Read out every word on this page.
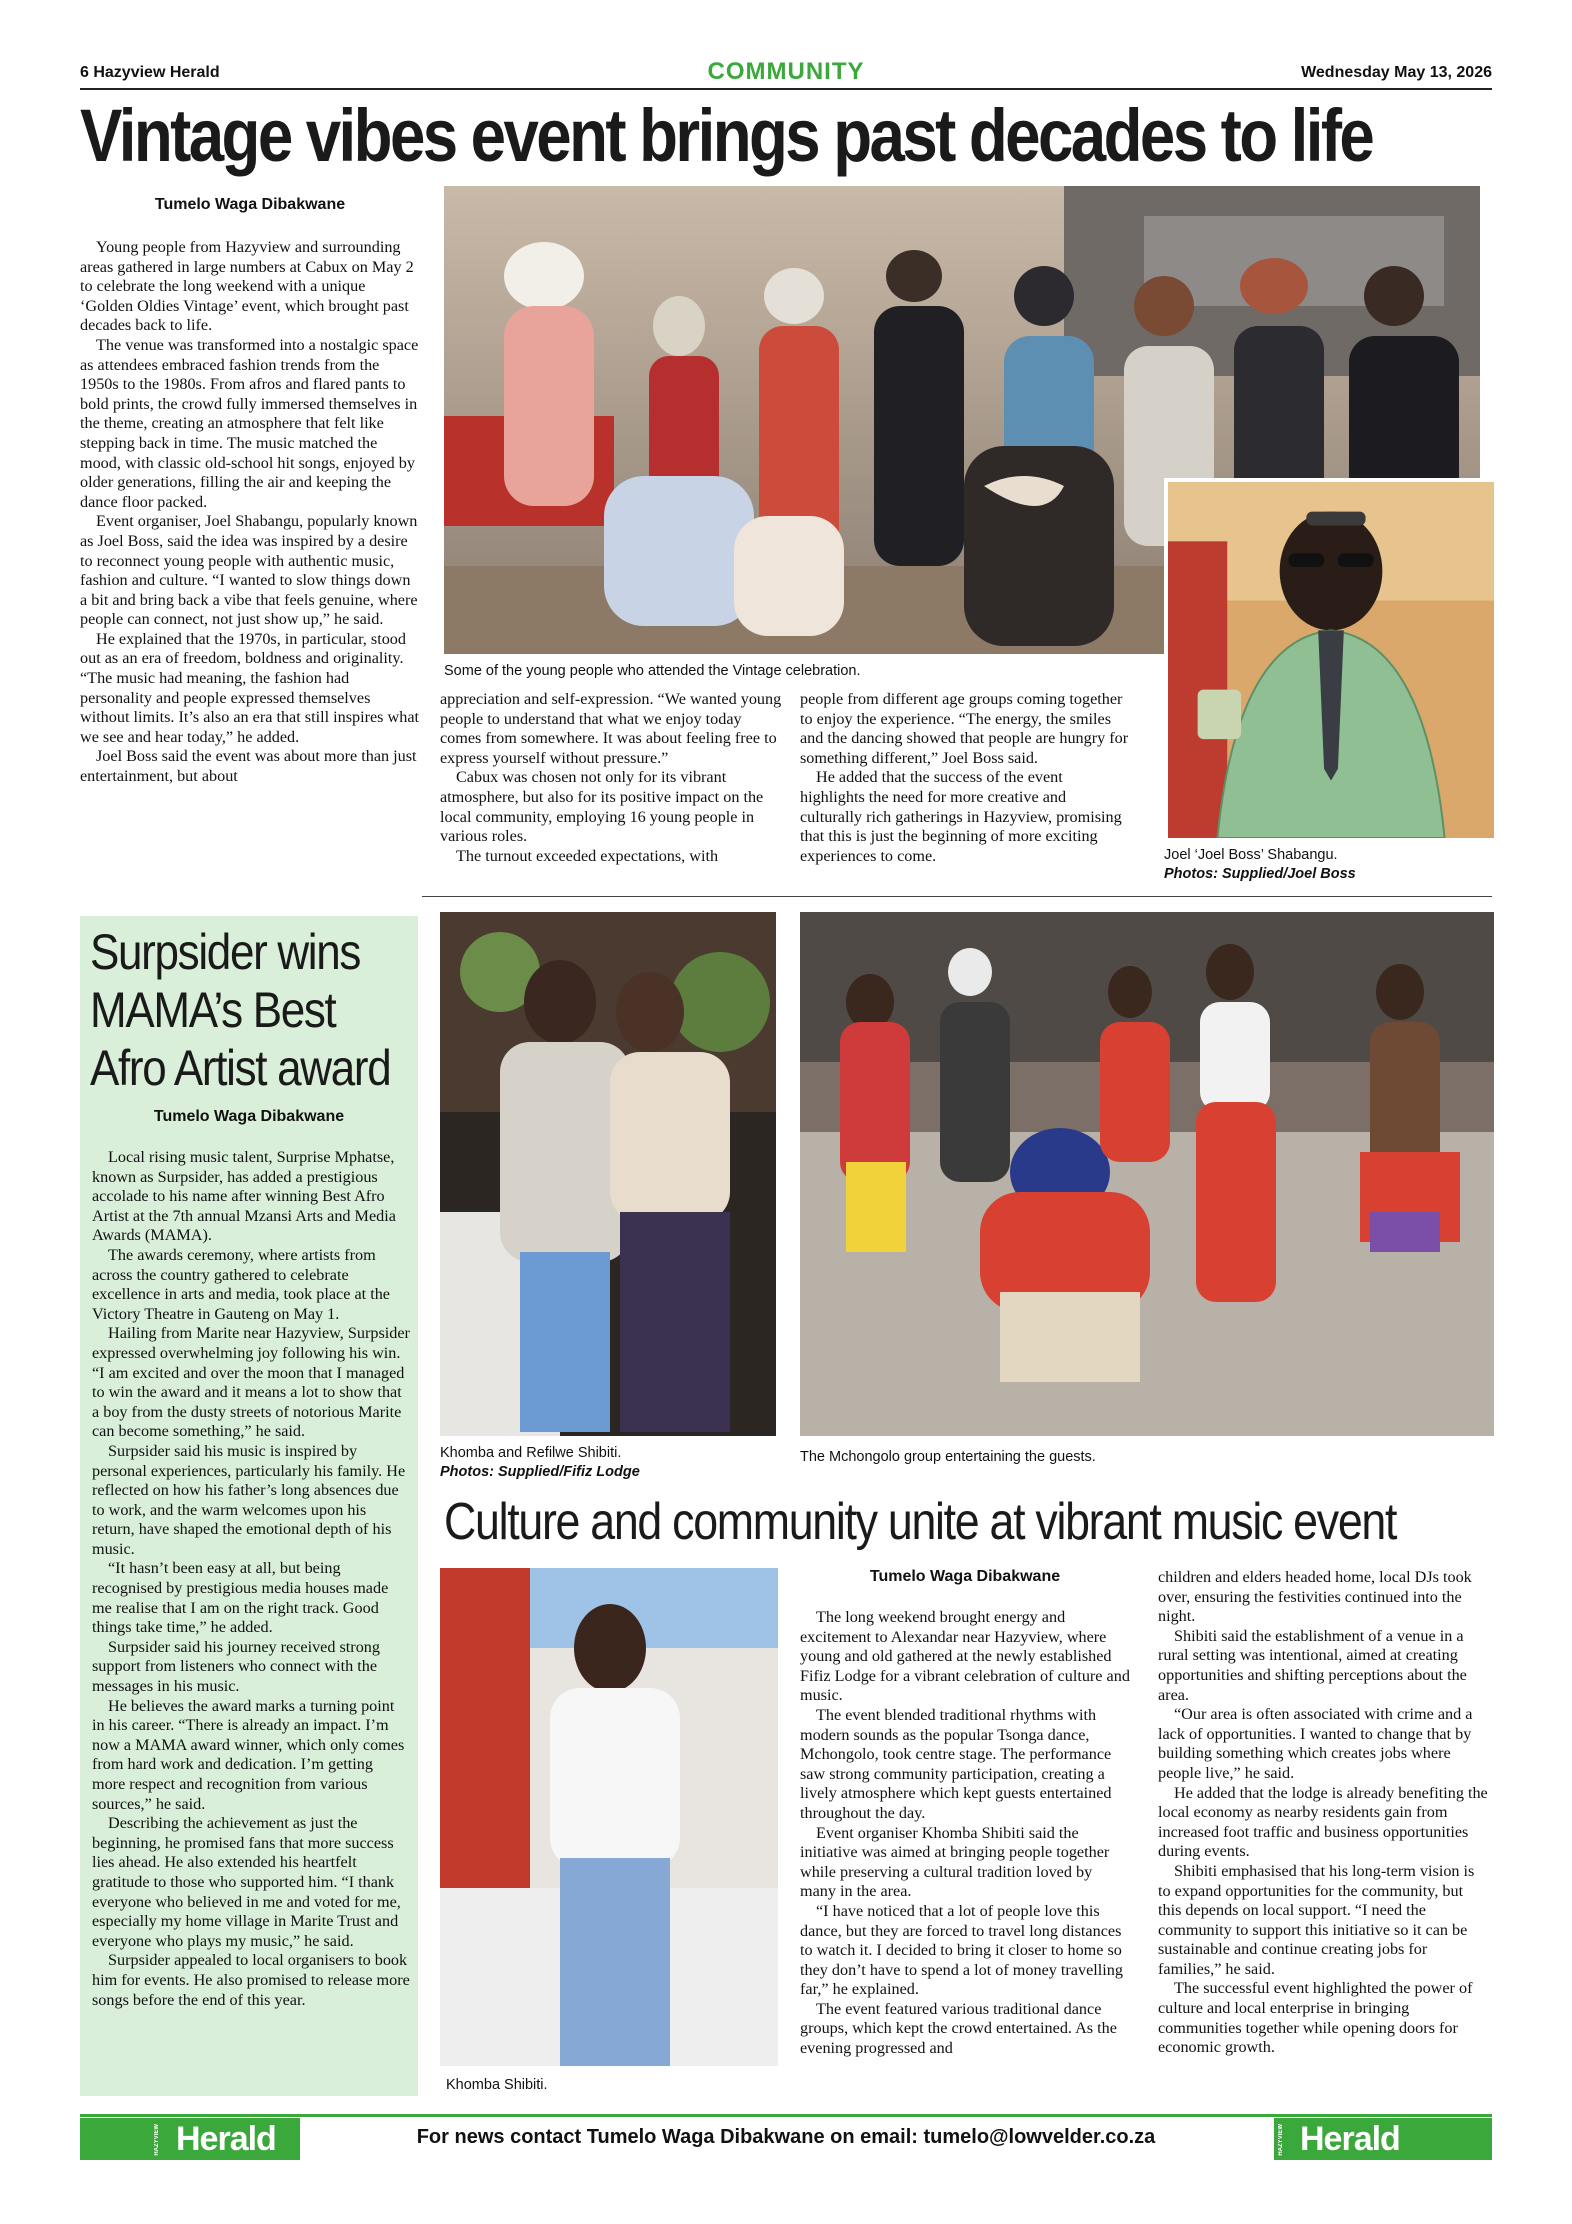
6 Hazyview Herald	COMMUNITY	Wednesday May 13, 2026
Vintage vibes event brings past decades to life
Tumelo Waga Dibakwane

Young people from Hazyview and surrounding areas gathered in large numbers at Cabux on May 2 to celebrate the long weekend with a unique ‘Golden Oldies Vintage’ event, which brought past decades back to life.

The venue was transformed into a nostalgic space as attendees embraced fashion trends from the 1950s to the 1980s. From afros and flared pants to bold prints, the crowd fully immersed themselves in the theme, creating an atmosphere that felt like stepping back in time. The music matched the mood, with classic old-school hit songs, enjoyed by older generations, filling the air and keeping the dance floor packed.

Event organiser, Joel Shabangu, popularly known as Joel Boss, said the idea was inspired by a desire to reconnect young people with authentic music, fashion and culture. “I wanted to slow things down a bit and bring back a vibe that feels genuine, where people can connect, not just show up,” he said.

He explained that the 1970s, in particular, stood out as an era of freedom, boldness and originality. “The music had meaning, the fashion had personality and people expressed themselves without limits. It’s also an era that still inspires what we see and hear today,” he added.

Joel Boss said the event was about more than just entertainment, but about

Some of the young people who attended the Vintage celebration.

appreciation and self-expression. “We wanted young people to understand that what we enjoy today comes from somewhere. It was about feeling free to express yourself without pressure.”

Cabux was chosen not only for its vibrant atmosphere, but also for its positive impact on the local community, employing 16 young people in various roles.

The turnout exceeded expectations, with

people from different age groups coming together to enjoy the experience. “The energy, the smiles and the dancing showed that people are hungry for something different,” Joel Boss said.

He added that the success of the event highlights the need for more creative and culturally rich gatherings in Hazyview, promising that this is just the beginning of more exciting experiences to come.	Joel ‘Joel Boss’ Shabangu.
Photos: Supplied/Joel Boss
Surpsider wins
MAMA’s Best
Afro Artist award
Tumelo Waga Dibakwane

Local rising music talent, Surprise Mphatse, known as Surpsider, has added a prestigious accolade to his name after winning Best Afro Artist at the 7th annual Mzansi Arts and Media Awards (MAMA).

The awards ceremony, where artists from across the country gathered to celebrate excellence in arts and media, took place at the Victory Theatre in Gauteng on May 1.

Hailing from Marite near Hazyview, Surpsider expressed overwhelming joy following his win. “I am excited and over the moon that I managed to win the award and it means a lot to show that a boy from the dusty streets of notorious Marite can become something,” he said.

Surpsider said his music is inspired by personal experiences, particularly his family. He reflected on how his father’s long absences due to work, and the warm welcomes upon his return, have shaped the emotional depth of his music.

“It hasn’t been easy at all, but being recognised by prestigious media houses made me realise that I am on the right track. Good things take time,” he added.

Surpsider said his journey received strong support from listeners who connect with the messages in his music.

He believes the award marks a turning point in his career. “There is already an impact. I’m now a MAMA award winner, which only comes from hard work and dedication. I’m getting more respect and recognition from various sources,” he said.

Describing the achievement as just the beginning, he promised fans that more success lies ahead. He also extended his heartfelt gratitude to those who supported him. “I thank everyone who believed in me and voted for me, especially my home village in Marite Trust and everyone who plays my music,” he said.

Surpsider appealed to local organisers to book him for events. He also promised to release more songs before the end of this year.

Khomba and Refilwe Shibiti.
Photos: Supplied/Fifiz Lodge
The Mchongolo group entertaining the guests.
Culture and community unite at vibrant music event
Khomba Shibiti.
Tumelo Waga Dibakwane

The long weekend brought energy and excitement to Alexandar near Hazyview, where young and old gathered at the newly established Fifiz Lodge for a vibrant celebration of culture and music.

The event blended traditional rhythms with modern sounds as the popular Tsonga dance, Mchongolo, took centre stage. The performance saw strong community participation, creating a lively atmosphere which kept guests entertained throughout the day.

Event organiser Khomba Shibiti said the initiative was aimed at bringing people together while preserving a cultural tradition loved by many in the area.

“I have noticed that a lot of people love this dance, but they are forced to travel long distances to watch it. I decided to bring it closer to home so they don’t have to spend a lot of money travelling far,” he explained.

The event featured various traditional dance groups, which kept the crowd entertained. As the evening progressed and

children and elders headed home, local DJs took over, ensuring the festivities continued into the night.

Shibiti said the establishment of a venue in a rural setting was intentional, aimed at creating opportunities and shifting perceptions about the area.

“Our area is often associated with crime and a lack of opportunities. I wanted to change that by building something which creates jobs where people live,” he said.

He added that the lodge is already benefiting the local economy as nearby residents gain from increased foot traffic and business opportunities during events.

Shibiti emphasised that his long-term vision is to expand opportunities for the community, but this depends on local support. “I need the community to support this initiative so it can be sustainable and continue creating jobs for families,” he said.

The successful event highlighted the power of culture and local enterprise in bringing communities together while opening doors for economic growth.

HAZYVIEW Herald	For news contact Tumelo Waga Dibakwane on email: tumelo@lowvelder.co.za	HAZYVIEW Herald
